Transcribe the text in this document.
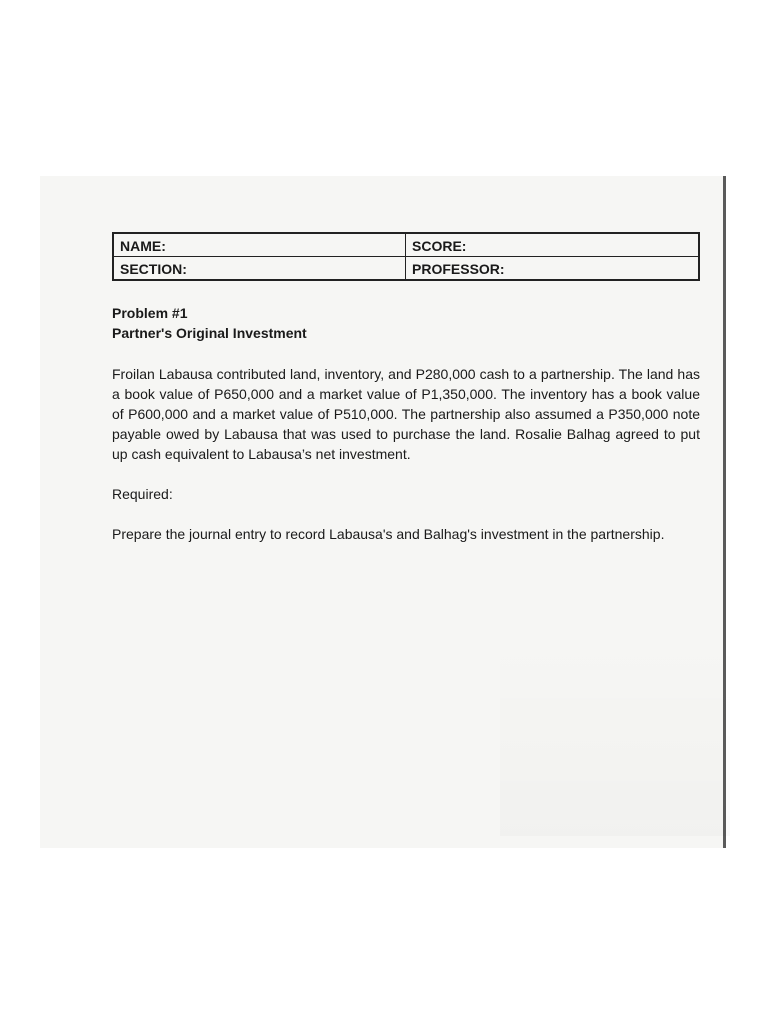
NAME:	SCORE:
SECTION:	PROFESSOR:

Problem #1

Partner's Original Investment

Froilan Labausa contributed land, inventory, and P280,000 cash to a partnership. The land has a book value of P650,000 and a market value of P1,350,000. The inventory has a book value of P600,000 and a market value of P510,000. The partnership also assumed a P350,000 note payable owed by Labausa that was used to purchase the land. Rosalie Balhag agreed to put up cash equivalent to Labausa’s net investment.

Required:

Prepare the journal entry to record Labausa's and Balhag's investment in the partnership.
